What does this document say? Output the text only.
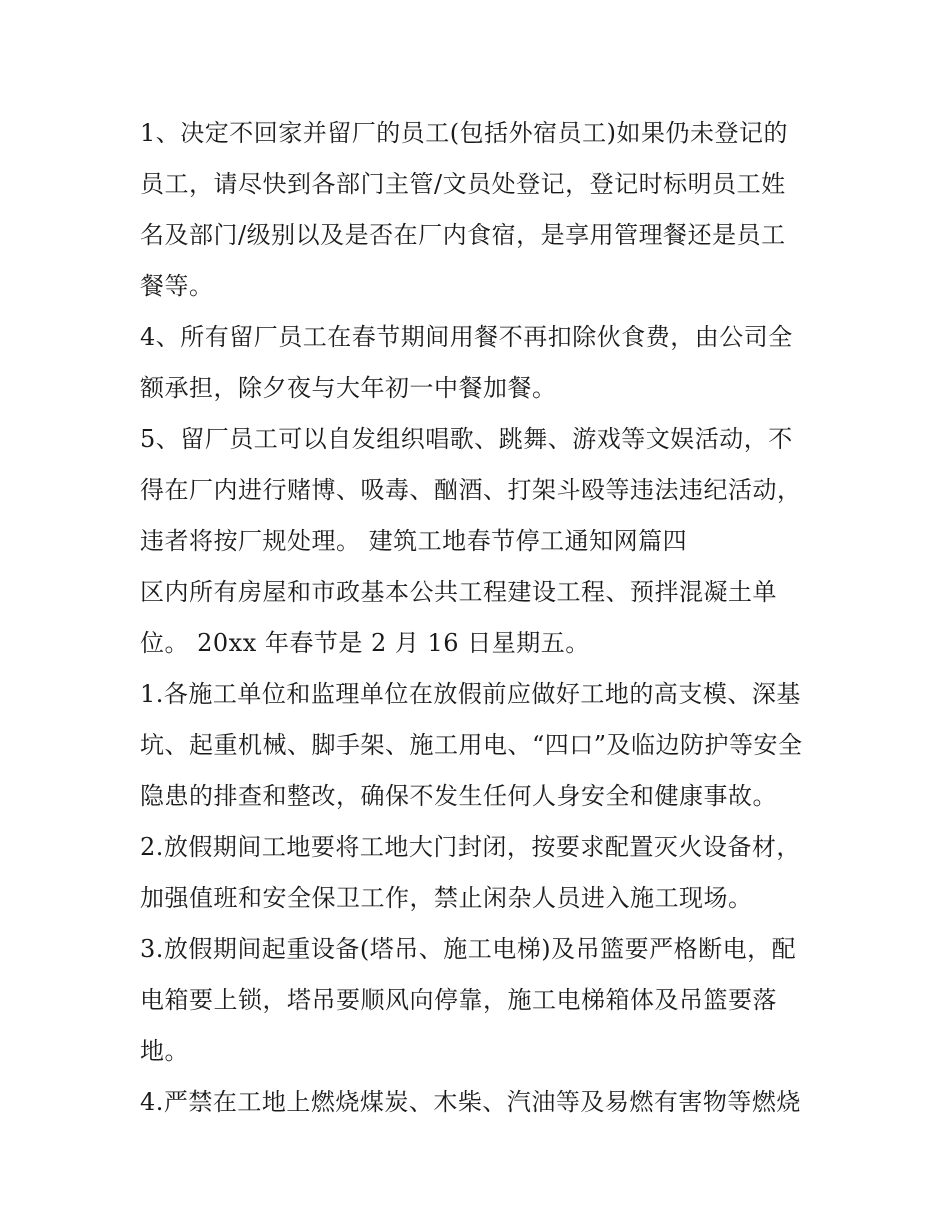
1、决定不回家并留厂的员工(包括外宿员工)如果仍未登记的
员工，请尽快到各部门主管/文员处登记，登记时标明员工姓
名及部门/级别以及是否在厂内食宿，是享用管理餐还是员工
餐等。
4、所有留厂员工在春节期间用餐不再扣除伙食费，由公司全
额承担，除夕夜与大年初一中餐加餐。
5、留厂员工可以自发组织唱歌、跳舞、游戏等文娱活动，不
得在厂内进行赌博、吸毒、酗酒、打架斗殴等违法违纪活动，
违者将按厂规处理。 建筑工地春节停工通知网篇四
区内所有房屋和市政基本公共工程建设工程、预拌混凝土单
位。 20xx 年春节是 2 月 16 日星期五。
1.各施工单位和监理单位在放假前应做好工地的高支模、深基
坑、起重机械、脚手架、施工用电、“四口”及临边防护等安全
隐患的排查和整改，确保不发生任何人身安全和健康事故。
2.放假期间工地要将工地大门封闭，按要求配置灭火设备材，
加强值班和安全保卫工作，禁止闲杂人员进入施工现场。
3.放假期间起重设备(塔吊、施工电梯)及吊篮要严格断电，配
电箱要上锁，塔吊要顺风向停靠，施工电梯箱体及吊篮要落
地。
4.严禁在工地上燃烧煤炭、木柴、汽油等及易燃有害物等燃烧
